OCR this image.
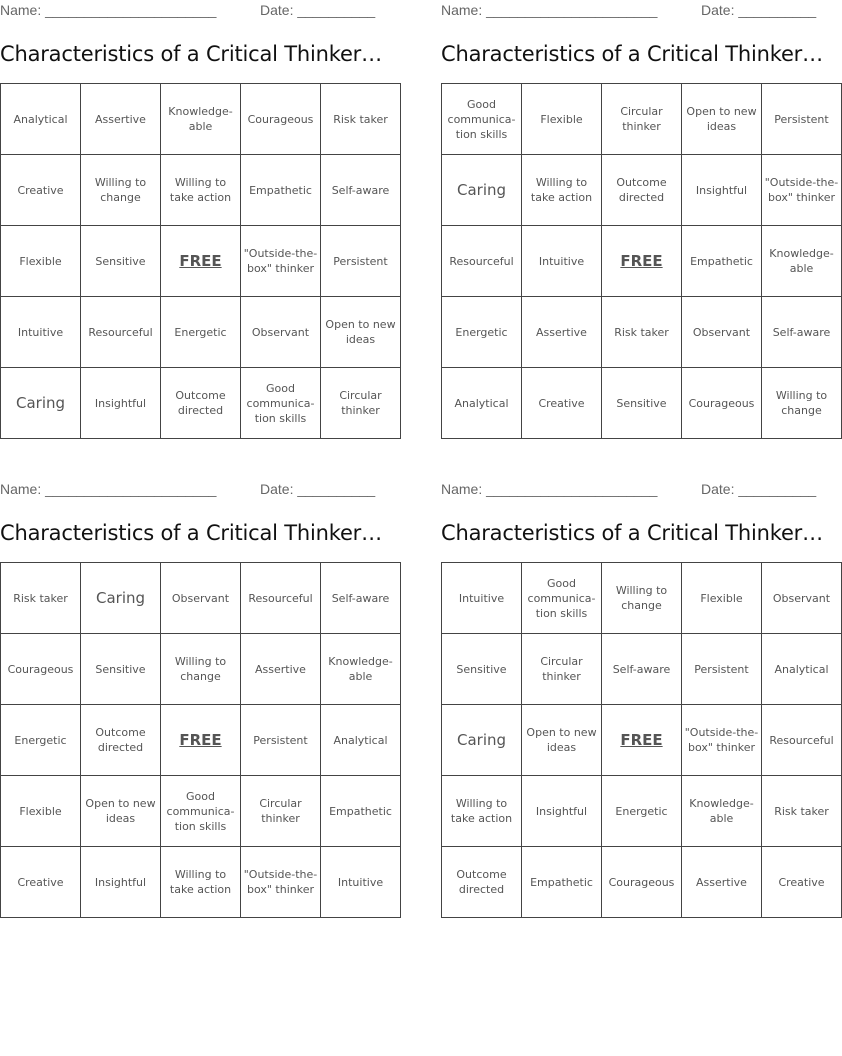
Name: ______________________	Date: __________
Characteristics of a Critical Thinker…
Analytical	Assertive	Knowledge-able	Courageous	Risk taker
Creative	Willing to change	Willing to take action	Empathetic	Self-aware
Flexible	Sensitive	FREE	"Outside-the-box" thinker	Persistent
Intuitive	Resourceful	Energetic	Observant	Open to new ideas
Caring	Insightful	Outcome directed	Good communica-tion skills	Circular thinker
Name: ______________________	Date: __________
Characteristics of a Critical Thinker…
Good communica-tion skills	Flexible	Circular thinker	Open to new ideas	Persistent
Caring	Willing to take action	Outcome directed	Insightful	"Outside-the-box" thinker
Resourceful	Intuitive	FREE	Empathetic	Knowledge-able
Energetic	Assertive	Risk taker	Observant	Self-aware
Analytical	Creative	Sensitive	Courageous	Willing to change
Name: ______________________	Date: __________
Characteristics of a Critical Thinker…
Risk taker	Caring	Observant	Resourceful	Self-aware
Courageous	Sensitive	Willing to change	Assertive	Knowledge-able
Energetic	Outcome directed	FREE	Persistent	Analytical
Flexible	Open to new ideas	Good communica-tion skills	Circular thinker	Empathetic
Creative	Insightful	Willing to take action	"Outside-the-box" thinker	Intuitive
Name: ______________________	Date: __________
Characteristics of a Critical Thinker…
Intuitive	Good communica-tion skills	Willing to change	Flexible	Observant
Sensitive	Circular thinker	Self-aware	Persistent	Analytical
Caring	Open to new ideas	FREE	"Outside-the-box" thinker	Resourceful
Willing to take action	Insightful	Energetic	Knowledge-able	Risk taker
Outcome directed	Empathetic	Courageous	Assertive	Creative
